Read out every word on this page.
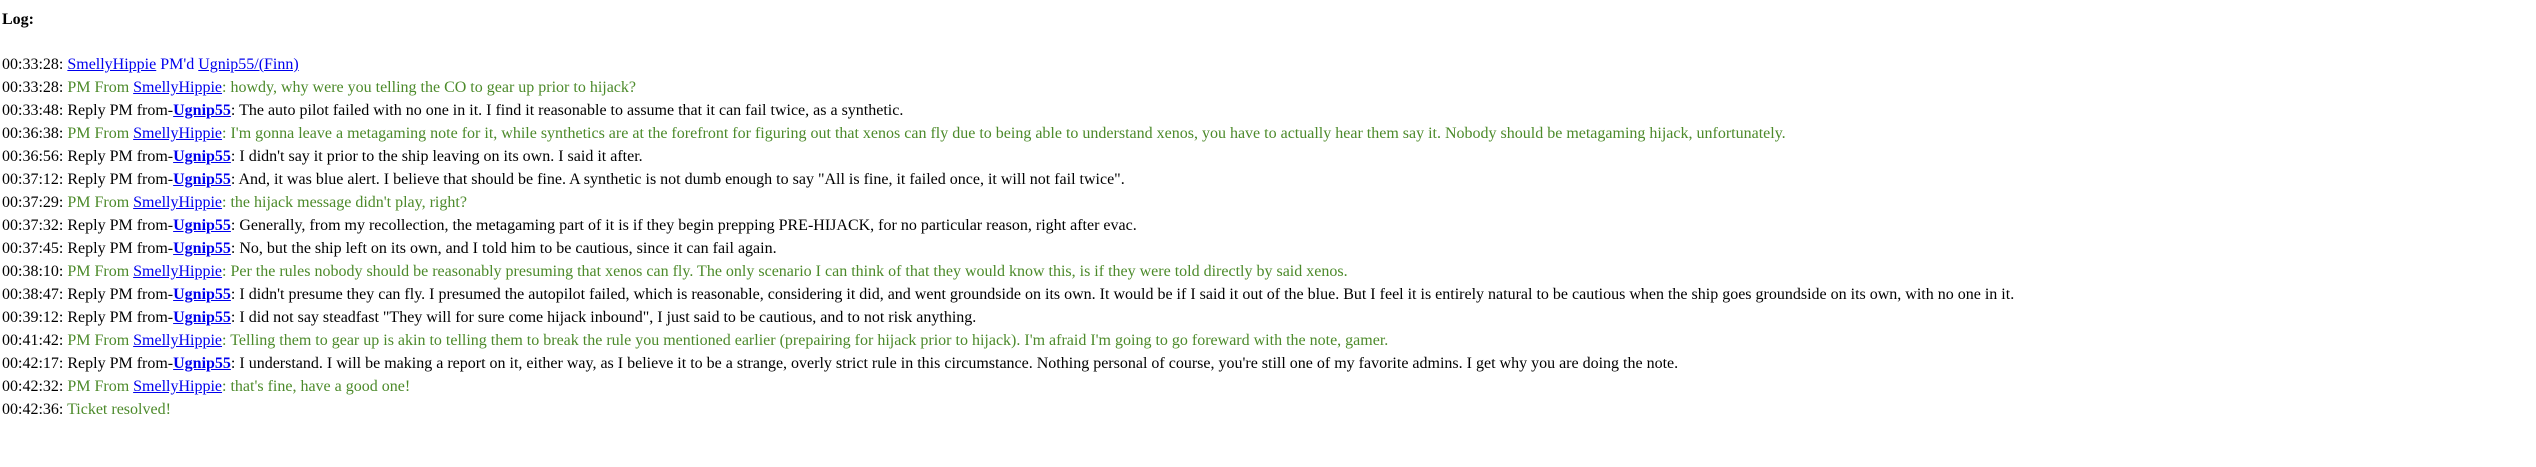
Log:
00:33:28: SmellyHippie PM'd Ugnip55/(Finn)
00:33:28: PM From SmellyHippie: howdy, why were you telling the CO to gear up prior to hijack?
00:33:48: Reply PM from-Ugnip55: The auto pilot failed with no one in it. I find it reasonable to assume that it can fail twice, as a synthetic.
00:36:38: PM From SmellyHippie: I'm gonna leave a metagaming note for it, while synthetics are at the forefront for figuring out that xenos can fly due to being able to understand xenos, you have to actually hear them say it. Nobody should be metagaming hijack, unfortunately.
00:36:56: Reply PM from-Ugnip55: I didn't say it prior to the ship leaving on its own. I said it after.
00:37:12: Reply PM from-Ugnip55: And, it was blue alert. I believe that should be fine. A synthetic is not dumb enough to say "All is fine, it failed once, it will not fail twice".
00:37:29: PM From SmellyHippie: the hijack message didn't play, right?
00:37:32: Reply PM from-Ugnip55: Generally, from my recollection, the metagaming part of it is if they begin prepping PRE-HIJACK, for no particular reason, right after evac.
00:37:45: Reply PM from-Ugnip55: No, but the ship left on its own, and I told him to be cautious, since it can fail again.
00:38:10: PM From SmellyHippie: Per the rules nobody should be reasonably presuming that xenos can fly. The only scenario I can think of that they would know this, is if they were told directly by said xenos.
00:38:47: Reply PM from-Ugnip55: I didn't presume they can fly. I presumed the autopilot failed, which is reasonable, considering it did, and went groundside on its own. It would be if I said it out of the blue. But I feel it is entirely natural to be cautious when the ship goes groundside on its own, with no one in it.
00:39:12: Reply PM from-Ugnip55: I did not say steadfast "They will for sure come hijack inbound", I just said to be cautious, and to not risk anything.
00:41:42: PM From SmellyHippie: Telling them to gear up is akin to telling them to break the rule you mentioned earlier (prepairing for hijack prior to hijack). I'm afraid I'm going to go foreward with the note, gamer.
00:42:17: Reply PM from-Ugnip55: I understand. I will be making a report on it, either way, as I believe it to be a strange, overly strict rule in this circumstance. Nothing personal of course, you're still one of my favorite admins. I get why you are doing the note.
00:42:32: PM From SmellyHippie: that's fine, have a good one!
00:42:36: Ticket resolved!
